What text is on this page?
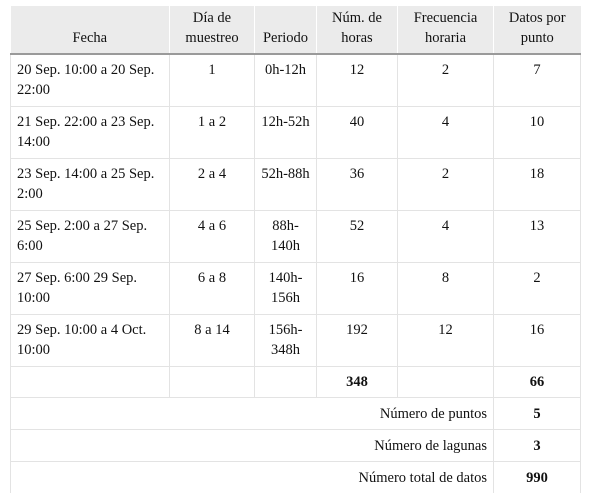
Fecha	Día de muestreo	Periodo	Núm. de horas	Frecuencia horaria	Datos por punto
20 Sep. 10:00 a 20 Sep. 22:00	1	0h-12h	12	2	7
21 Sep. 22:00 a 23 Sep. 14:00	1 a 2	12h-52h	40	4	10
23 Sep. 14:00 a 25 Sep. 2:00	2 a 4	52h-88h	36	2	18
25 Sep. 2:00 a 27 Sep. 6:00	4 a 6	88h-140h	52	4	13
27 Sep. 6:00 29 Sep. 10:00	6 a 8	140h-156h	16	8	2
29 Sep. 10:00 a 4 Oct. 10:00	8 a 14	156h-348h	192	12	16
			348		66
Número de puntos					5
Número de lagunas					3
Número total de datos					990
